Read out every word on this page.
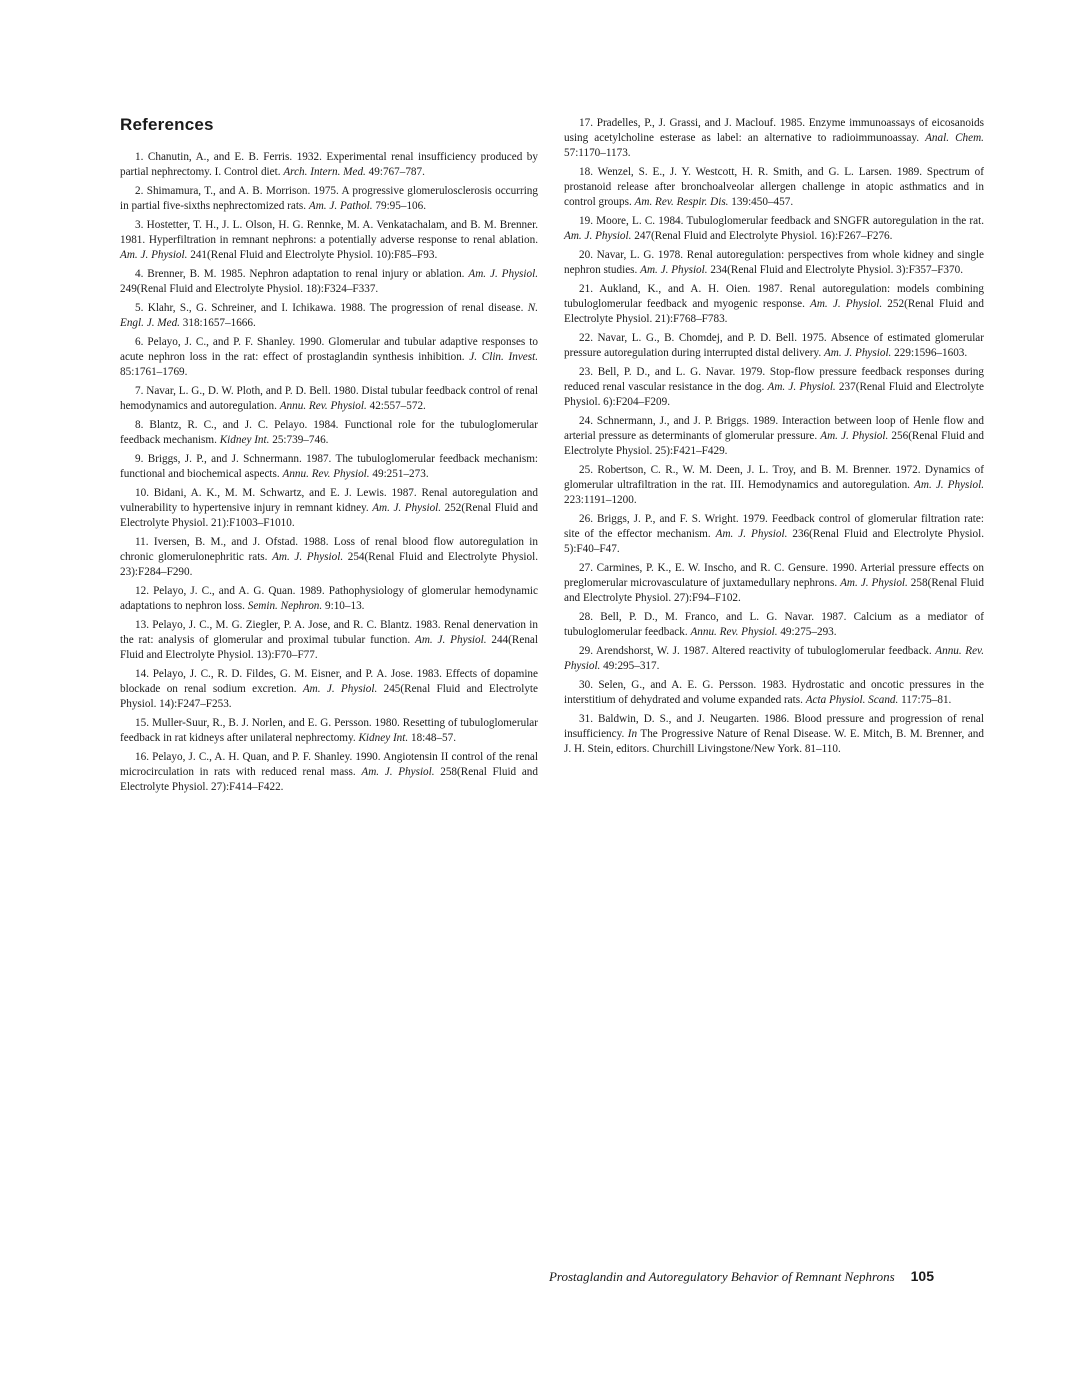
References

1. Chanutin, A., and E. B. Ferris. 1932. Experimental renal insufficiency produced by partial nephrectomy. I. Control diet. Arch. Intern. Med. 49:767–787.

2. Shimamura, T., and A. B. Morrison. 1975. A progressive glomerulosclerosis occurring in partial five-sixths nephrectomized rats. Am. J. Pathol. 79:95–106.

3. Hostetter, T. H., J. L. Olson, H. G. Rennke, M. A. Venkatachalam, and B. M. Brenner. 1981. Hyperfiltration in remnant nephrons: a potentially adverse response to renal ablation. Am. J. Physiol. 241(Renal Fluid and Electrolyte Physiol. 10):F85–F93.

4. Brenner, B. M. 1985. Nephron adaptation to renal injury or ablation. Am. J. Physiol. 249(Renal Fluid and Electrolyte Physiol. 18):F324–F337.

5. Klahr, S., G. Schreiner, and I. Ichikawa. 1988. The progression of renal disease. N. Engl. J. Med. 318:1657–1666.

6. Pelayo, J. C., and P. F. Shanley. 1990. Glomerular and tubular adaptive responses to acute nephron loss in the rat: effect of prostaglandin synthesis inhibition. J. Clin. Invest. 85:1761–1769.

7. Navar, L. G., D. W. Ploth, and P. D. Bell. 1980. Distal tubular feedback control of renal hemodynamics and autoregulation. Annu. Rev. Physiol. 42:557–572.

8. Blantz, R. C., and J. C. Pelayo. 1984. Functional role for the tubuloglomerular feedback mechanism. Kidney Int. 25:739–746.

9. Briggs, J. P., and J. Schnermann. 1987. The tubuloglomerular feedback mechanism: functional and biochemical aspects. Annu. Rev. Physiol. 49:251–273.

10. Bidani, A. K., M. M. Schwartz, and E. J. Lewis. 1987. Renal autoregulation and vulnerability to hypertensive injury in remnant kidney. Am. J. Physiol. 252(Renal Fluid and Electrolyte Physiol. 21):F1003–F1010.

11. Iversen, B. M., and J. Ofstad. 1988. Loss of renal blood flow autoregulation in chronic glomerulonephritic rats. Am. J. Physiol. 254(Renal Fluid and Electrolyte Physiol. 23):F284–F290.

12. Pelayo, J. C., and A. G. Quan. 1989. Pathophysiology of glomerular hemodynamic adaptations to nephron loss. Semin. Nephron. 9:10–13.

13. Pelayo, J. C., M. G. Ziegler, P. A. Jose, and R. C. Blantz. 1983. Renal denervation in the rat: analysis of glomerular and proximal tubular function. Am. J. Physiol. 244(Renal Fluid and Electrolyte Physiol. 13):F70–F77.

14. Pelayo, J. C., R. D. Fildes, G. M. Eisner, and P. A. Jose. 1983. Effects of dopamine blockade on renal sodium excretion. Am. J. Physiol. 245(Renal Fluid and Electrolyte Physiol. 14):F247–F253.

15. Muller-Suur, R., B. J. Norlen, and E. G. Persson. 1980. Resetting of tubuloglomerular feedback in rat kidneys after unilateral nephrectomy. Kidney Int. 18:48–57.

16. Pelayo, J. C., A. H. Quan, and P. F. Shanley. 1990. Angiotensin II control of the renal microcirculation in rats with reduced renal mass. Am. J. Physiol. 258(Renal Fluid and Electrolyte Physiol. 27):F414–F422.

17. Pradelles, P., J. Grassi, and J. Maclouf. 1985. Enzyme immunoassays of eicosanoids using acetylcholine esterase as label: an alternative to radioimmunoassay. Anal. Chem. 57:1170–1173.

18. Wenzel, S. E., J. Y. Westcott, H. R. Smith, and G. L. Larsen. 1989. Spectrum of prostanoid release after bronchoalveolar allergen challenge in atopic asthmatics and in control groups. Am. Rev. Respir. Dis. 139:450–457.

19. Moore, L. C. 1984. Tubuloglomerular feedback and SNGFR autoregulation in the rat. Am. J. Physiol. 247(Renal Fluid and Electrolyte Physiol. 16):F267–F276.

20. Navar, L. G. 1978. Renal autoregulation: perspectives from whole kidney and single nephron studies. Am. J. Physiol. 234(Renal Fluid and Electrolyte Physiol. 3):F357–F370.

21. Aukland, K., and A. H. Oien. 1987. Renal autoregulation: models combining tubuloglomerular feedback and myogenic response. Am. J. Physiol. 252(Renal Fluid and Electrolyte Physiol. 21):F768–F783.

22. Navar, L. G., B. Chomdej, and P. D. Bell. 1975. Absence of estimated glomerular pressure autoregulation during interrupted distal delivery. Am. J. Physiol. 229:1596–1603.

23. Bell, P. D., and L. G. Navar. 1979. Stop-flow pressure feedback responses during reduced renal vascular resistance in the dog. Am. J. Physiol. 237(Renal Fluid and Electrolyte Physiol. 6):F204–F209.

24. Schnermann, J., and J. P. Briggs. 1989. Interaction between loop of Henle flow and arterial pressure as determinants of glomerular pressure. Am. J. Physiol. 256(Renal Fluid and Electrolyte Physiol. 25):F421–F429.

25. Robertson, C. R., W. M. Deen, J. L. Troy, and B. M. Brenner. 1972. Dynamics of glomerular ultrafiltration in the rat. III. Hemodynamics and autoregulation. Am. J. Physiol. 223:1191–1200.

26. Briggs, J. P., and F. S. Wright. 1979. Feedback control of glomerular filtration rate: site of the effector mechanism. Am. J. Physiol. 236(Renal Fluid and Electrolyte Physiol. 5):F40–F47.

27. Carmines, P. K., E. W. Inscho, and R. C. Gensure. 1990. Arterial pressure effects on preglomerular microvasculature of juxtamedullary nephrons. Am. J. Physiol. 258(Renal Fluid and Electrolyte Physiol. 27):F94–F102.

28. Bell, P. D., M. Franco, and L. G. Navar. 1987. Calcium as a mediator of tubuloglomerular feedback. Annu. Rev. Physiol. 49:275–293.

29. Arendshorst, W. J. 1987. Altered reactivity of tubuloglomerular feedback. Annu. Rev. Physiol. 49:295–317.

30. Selen, G., and A. E. G. Persson. 1983. Hydrostatic and oncotic pressures in the interstitium of dehydrated and volume expanded rats. Acta Physiol. Scand. 117:75–81.

31. Baldwin, D. S., and J. Neugarten. 1986. Blood pressure and progression of renal insufficiency. In The Progressive Nature of Renal Disease. W. E. Mitch, B. M. Brenner, and J. H. Stein, editors. Churchill Livingstone/New York. 81–110.

Prostaglandin and Autoregulatory Behavior of Remnant Nephrons 105
